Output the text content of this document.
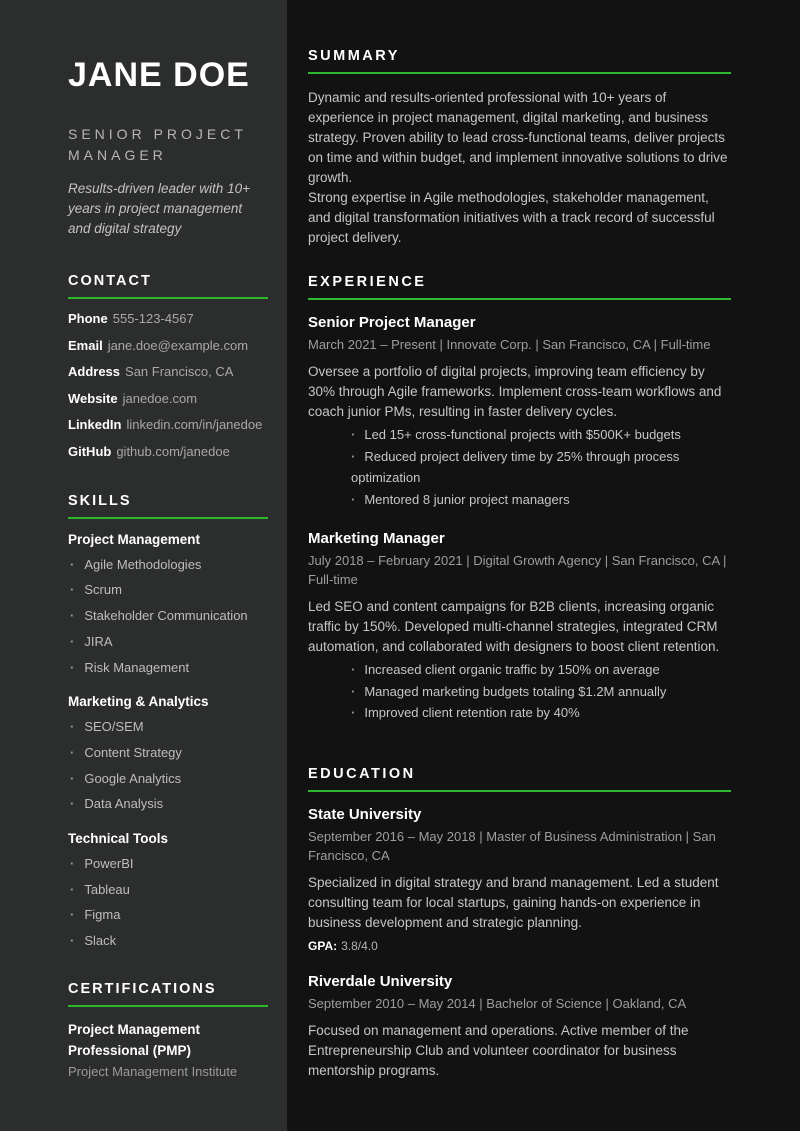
JANE DOE
SENIOR PROJECT MANAGER
Results-driven leader with 10+ years in project management and digital strategy
CONTACT
Phone 555-123-4567
Email jane.doe@example.com
Address San Francisco, CA
Website janedoe.com
LinkedIn linkedin.com/in/janedoe
GitHub github.com/janedoe
SKILLS
Project Management
· Agile Methodologies
· Scrum
· Stakeholder Communication
· JIRA
· Risk Management
Marketing & Analytics
· SEO/SEM
· Content Strategy
· Google Analytics
· Data Analysis
Technical Tools
· PowerBI
· Tableau
· Figma
· Slack
CERTIFICATIONS
Project Management Professional (PMP)
Project Management Institute
SUMMARY

Dynamic and results-oriented professional with 10+ years of experience in project management, digital marketing, and business strategy. Proven ability to lead cross-functional teams, deliver projects on time and within budget, and implement innovative solutions to drive growth.

Strong expertise in Agile methodologies, stakeholder management, and digital transformation initiatives with a track record of successful project delivery.

EXPERIENCE
Senior Project Manager
March 2021 – Present | Innovate Corp. | San Francisco, CA | Full-time
Oversee a portfolio of digital projects, improving team efficiency by 30% through Agile frameworks. Implement cross-team workflows and coach junior PMs, resulting in faster delivery cycles.
· Led 15+ cross-functional projects with $500K+ budgets
· Reduced project delivery time by 25% through process optimization
· Mentored 8 junior project managers
Marketing Manager
July 2018 – February 2021 | Digital Growth Agency | San Francisco, CA | Full-time
Led SEO and content campaigns for B2B clients, increasing organic traffic by 150%. Developed multi-channel strategies, integrated CRM automation, and collaborated with designers to boost client retention.
· Increased client organic traffic by 150% on average
· Managed marketing budgets totaling $1.2M annually
· Improved client retention rate by 40%
EDUCATION
State University
September 2016 – May 2018 | Master of Business Administration | San Francisco, CA
Specialized in digital strategy and brand management. Led a student consulting team for local startups, gaining hands-on experience in business development and strategic planning.
GPA: 3.8/4.0
Riverdale University
September 2010 – May 2014 | Bachelor of Science | Oakland, CA
Focused on management and operations. Active member of the Entrepreneurship Club and volunteer coordinator for business mentorship programs.
